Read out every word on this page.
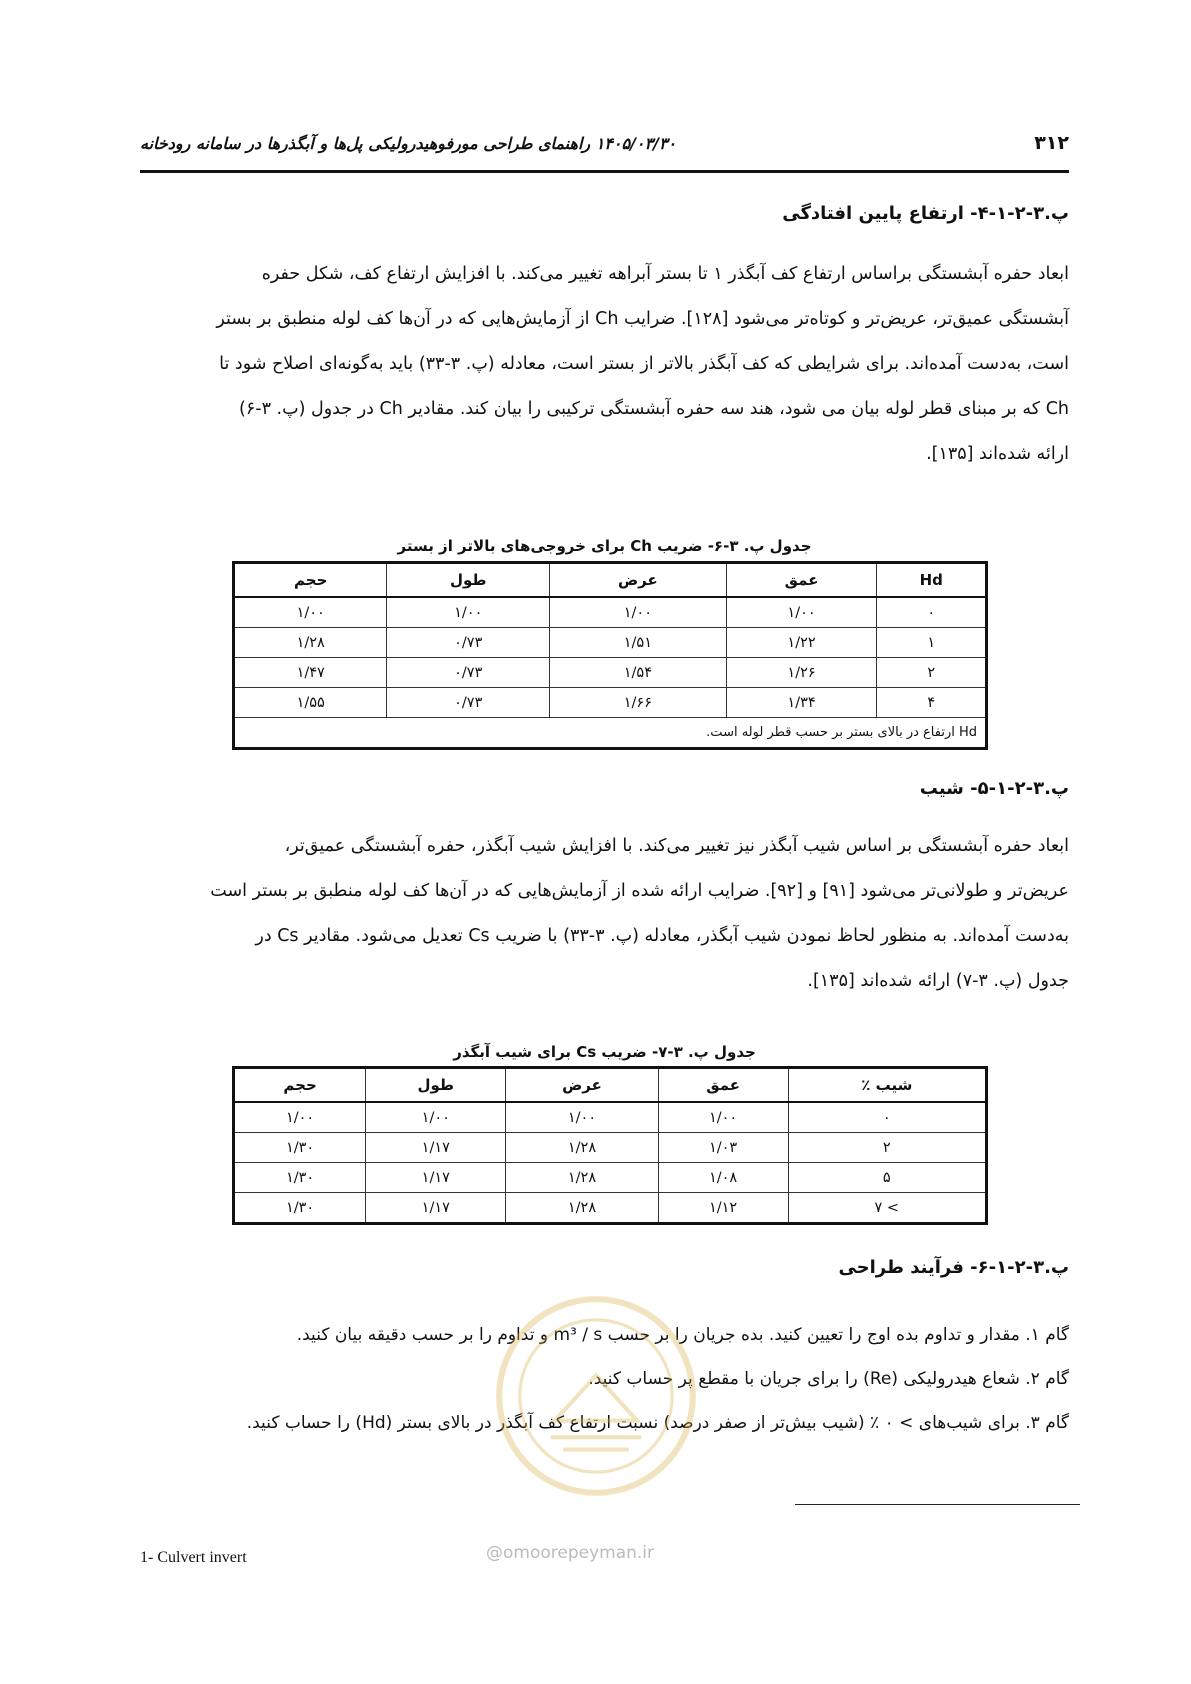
۱۴۰۵/۰۳/۳۰ راهنمای طراحی مورفوهیدرولیکی پل‌ها و آبگذرها در سامانه رودخانه	۳۱۲
پ.۳-۲-۱-۴- ارتفاع پایین افتادگی

ابعاد حفره آبشستگی براساس ارتفاع کف آبگذر ۱ تا بستر آبراهه تغییر می‌کند. با افزایش ارتفاع کف، شکل حفره

آبشستگی عمیق‌تر، عریض‌تر و کوتاه‌تر می‌شود [۱۲۸]. ضرایب Ch از آزمایش‌هایی که در آن‌ها کف لوله منطبق بر بستر

است، به‌دست آمده‌اند. برای شرایطی که کف آبگذر بالاتر از بستر است، معادله (پ. ۳-۳۳) باید به‌گونه‌ای اصلاح شود تا

Ch که بر مبنای قطر لوله بیان می شود، هند سه حفره آبشستگی ترکیبی را بیان کند. مقادیر Ch در جدول (پ. ۳-۶)

ارائه شده‌اند [۱۳۵].

جدول پ. ۳-۶- ضریب Ch برای خروجی‌های بالاتر از بستر
Hd	عمق	عرض	طول	حجم
۰	۱/۰۰	۱/۰۰	۱/۰۰	۱/۰۰
۱	۱/۲۲	۱/۵۱	۰/۷۳	۱/۲۸
۲	۱/۲۶	۱/۵۴	۰/۷۳	۱/۴۷
۴	۱/۳۴	۱/۶۶	۰/۷۳	۱/۵۵
Hd ارتفاع در بالای بستر بر حسب قطر لوله است.				
پ.۳-۲-۱-۵- شیب

ابعاد حفره آبشستگی بر اساس شیب آبگذر نیز تغییر می‌کند. با افزایش شیب آبگذر، حفره آبشستگی عمیق‌تر،

عریض‌تر و طولانی‌تر می‌شود [۹۱] و [۹۲]. ضرایب ارائه شده از آزمایش‌هایی که در آن‌ها کف لوله منطبق بر بستر است

به‌دست آمده‌اند. به منظور لحاظ نمودن شیب آبگذر، معادله (پ. ۳-۳۳) با ضریب Cs تعدیل می‌شود. مقادیر Cs در

جدول (پ. ۳-۷) ارائه شده‌اند [۱۳۵].

جدول پ. ۳-۷- ضریب Cs برای شیب آبگذر
شیب ٪	عمق	عرض	طول	حجم
۰	۱/۰۰	۱/۰۰	۱/۰۰	۱/۰۰
۲	۱/۰۳	۱/۲۸	۱/۱۷	۱/۳۰
۵	۱/۰۸	۱/۲۸	۱/۱۷	۱/۳۰
> ۷	۱/۱۲	۱/۲۸	۱/۱۷	۱/۳۰
پ.۳-۲-۱-۶- فرآیند طراحی
گام ۱. مقدار و تداوم بده اوج را تعیین کنید. بده جریان را بر حسب m³ / s و تداوم را بر حسب دقیقه بیان کنید.
گام ۲. شعاع هیدرولیکی (Re) را برای جریان با مقطع پر حساب کنید.
گام ۳. برای شیب‌های > ۰ ٪ (شیب بیش‌تر از صفر درصد) نسبت ارتفاع کف آبگذر در بالای بستر (Hd) را حساب کنید.
@omoorepeyman.ir
1- Culvert invert
